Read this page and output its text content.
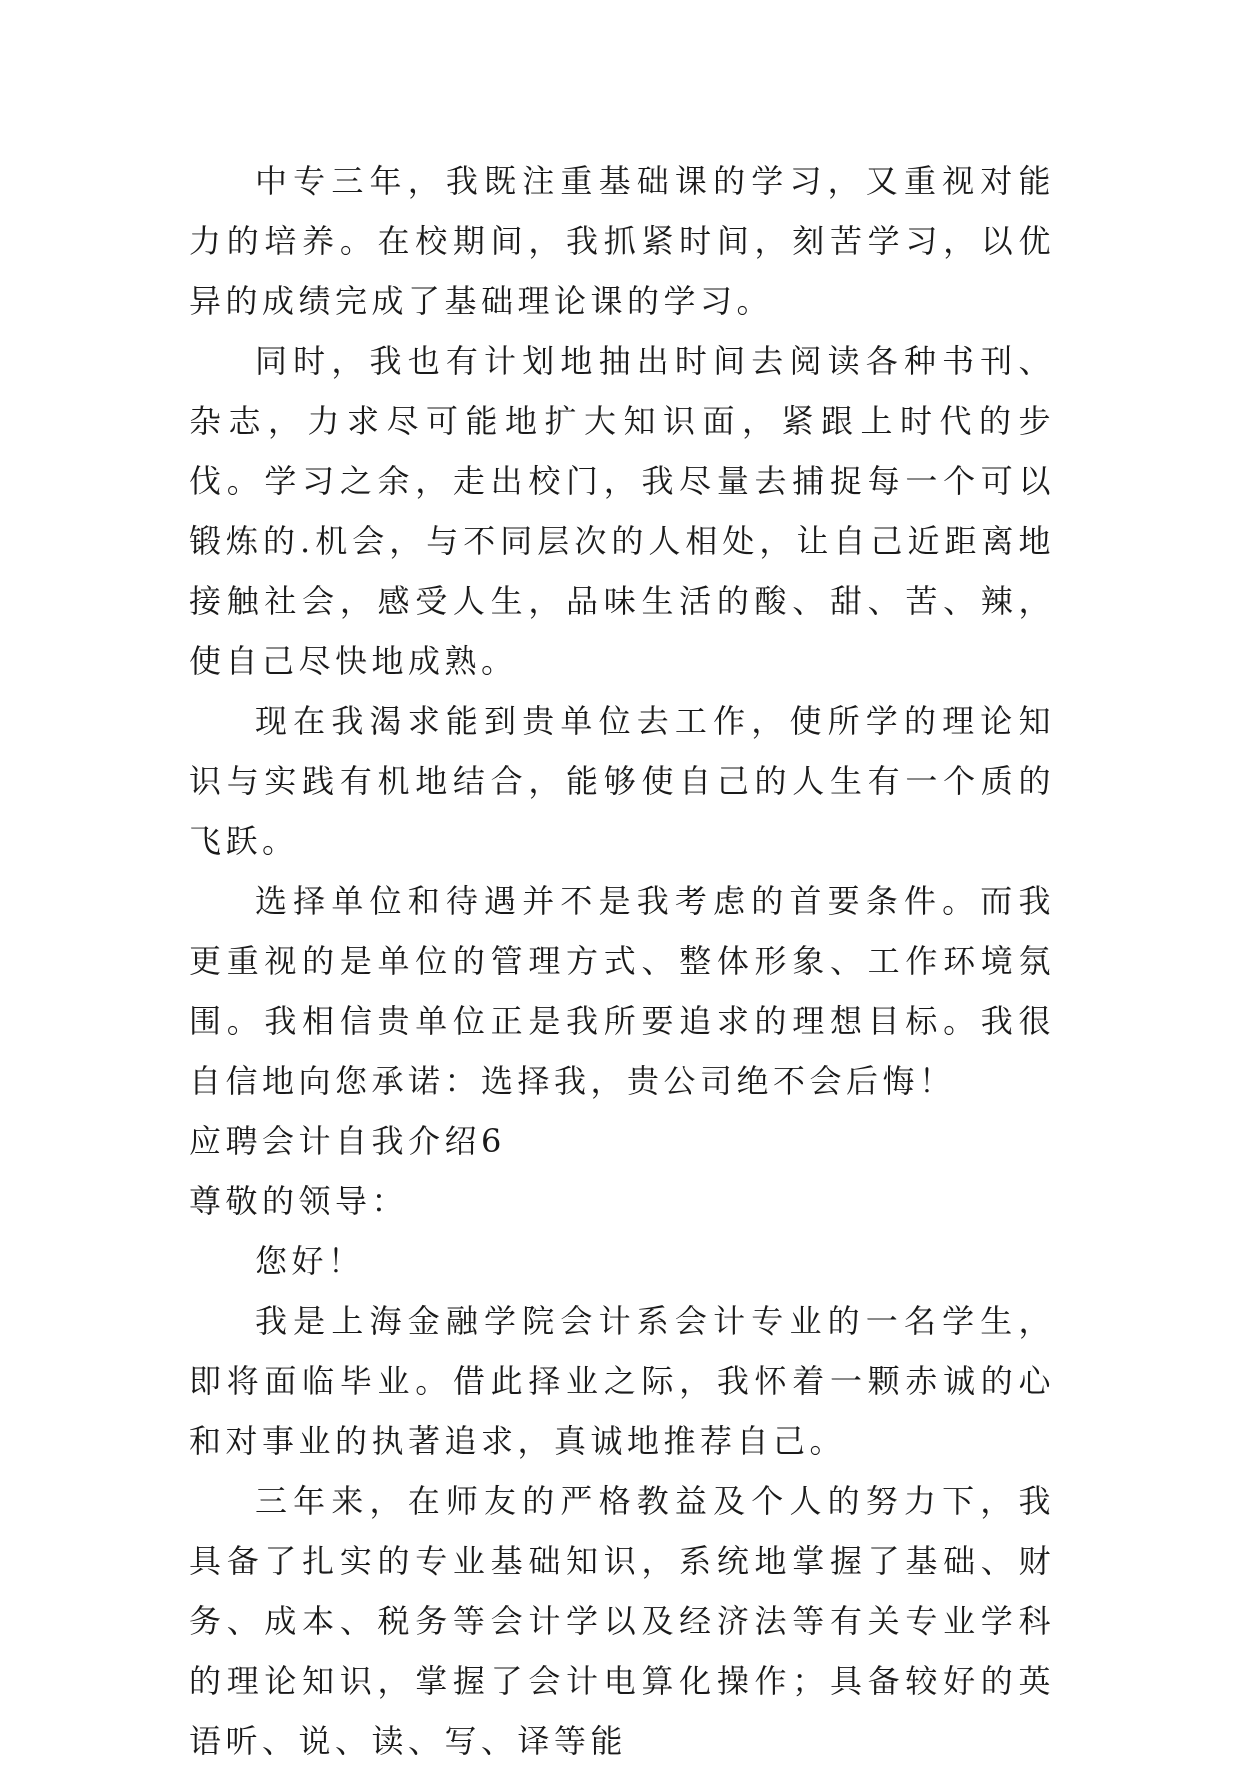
中专三年，我既注重基础课的学习，又重视对能力的培养。在校期间，我抓紧时间，刻苦学习，以优异的成绩完成了基础理论课的学习。

同时，我也有计划地抽出时间去阅读各种书刊、杂志，力求尽可能地扩大知识面，紧跟上时代的步伐。学习之余，走出校门，我尽量去捕捉每一个可以锻炼的.机会，与不同层次的人相处，让自己近距离地接触社会，感受人生，品味生活的酸、甜、苦、辣，使自己尽快地成熟。

现在我渴求能到贵单位去工作，使所学的理论知识与实践有机地结合，能够使自己的人生有一个质的飞跃。

选择单位和待遇并不是我考虑的首要条件。而我更重视的是单位的管理方式、整体形象、工作环境氛围。我相信贵单位正是我所要追求的理想目标。我很自信地向您承诺：选择我，贵公司绝不会后悔！

应聘会计自我介绍6

尊敬的领导：

您好！

我是上海金融学院会计系会计专业的一名学生，即将面临毕业。借此择业之际，我怀着一颗赤诚的心和对事业的执著追求，真诚地推荐自己。

三年来，在师友的严格教益及个人的努力下，我具备了扎实的专业基础知识，系统地掌握了基础、财务、成本、税务等会计学以及经济法等有关专业学科的理论知识，掌握了会计电算化操作；具备较好的英语听、说、读、写、译等能
